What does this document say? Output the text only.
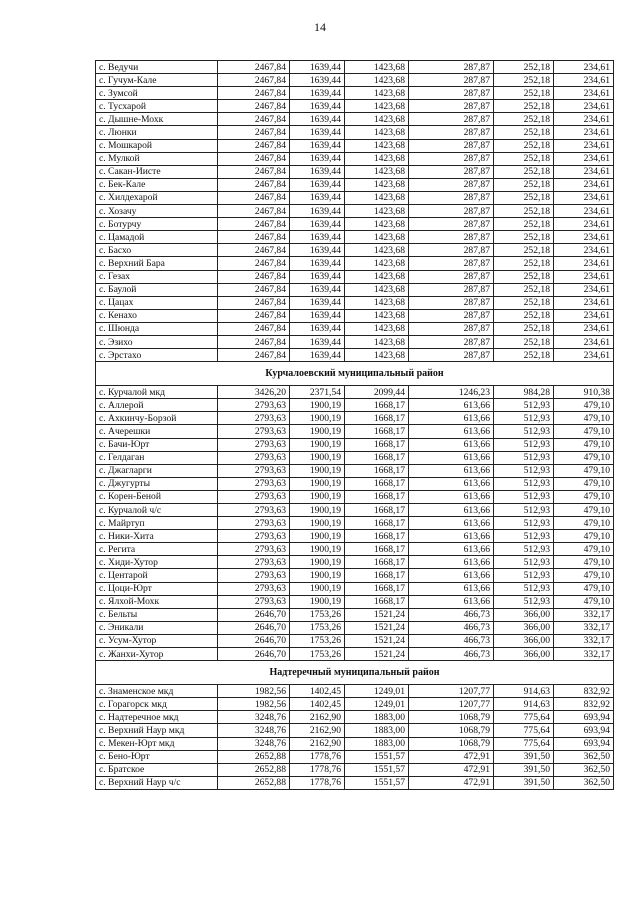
14
с. Ведучи	2467,84	1639,44	1423,68	287,87	252,18	234,61
с. Гучум-Кале	2467,84	1639,44	1423,68	287,87	252,18	234,61
с. Зумсой	2467,84	1639,44	1423,68	287,87	252,18	234,61
с. Тусхарой	2467,84	1639,44	1423,68	287,87	252,18	234,61
с. Дышне-Мохк	2467,84	1639,44	1423,68	287,87	252,18	234,61
с. Люнки	2467,84	1639,44	1423,68	287,87	252,18	234,61
с. Мошкарой	2467,84	1639,44	1423,68	287,87	252,18	234,61
с. Мулкой	2467,84	1639,44	1423,68	287,87	252,18	234,61
с. Сакан-Иисте	2467,84	1639,44	1423,68	287,87	252,18	234,61
с. Бек-Кале	2467,84	1639,44	1423,68	287,87	252,18	234,61
с. Хилдехарой	2467,84	1639,44	1423,68	287,87	252,18	234,61
с. Хозачу	2467,84	1639,44	1423,68	287,87	252,18	234,61
с. Ботурчу	2467,84	1639,44	1423,68	287,87	252,18	234,61
с. Цамадой	2467,84	1639,44	1423,68	287,87	252,18	234,61
с. Басхо	2467,84	1639,44	1423,68	287,87	252,18	234,61
с. Верхний Бара	2467,84	1639,44	1423,68	287,87	252,18	234,61
с. Гезах	2467,84	1639,44	1423,68	287,87	252,18	234,61
с. Баулой	2467,84	1639,44	1423,68	287,87	252,18	234,61
с. Цацах	2467,84	1639,44	1423,68	287,87	252,18	234,61
с. Кенахо	2467,84	1639,44	1423,68	287,87	252,18	234,61
с. Шюнда	2467,84	1639,44	1423,68	287,87	252,18	234,61
с. Эзихо	2467,84	1639,44	1423,68	287,87	252,18	234,61
с. Эрстахо	2467,84	1639,44	1423,68	287,87	252,18	234,61
Курчалоевский муниципальный район						
с. Курчалой мкд	3426,20	2371,54	2099,44	1246,23	984,28	910,38
с. Аллерой	2793,63	1900,19	1668,17	613,66	512,93	479,10
с. Ахкинчу-Борзой	2793,63	1900,19	1668,17	613,66	512,93	479,10
с. Ачерешки	2793,63	1900,19	1668,17	613,66	512,93	479,10
с. Бачи-Юрт	2793,63	1900,19	1668,17	613,66	512,93	479,10
с. Гелдаган	2793,63	1900,19	1668,17	613,66	512,93	479,10
с. Джагларги	2793,63	1900,19	1668,17	613,66	512,93	479,10
с. Джугурты	2793,63	1900,19	1668,17	613,66	512,93	479,10
с. Корен-Беной	2793,63	1900,19	1668,17	613,66	512,93	479,10
с. Курчалой ч/с	2793,63	1900,19	1668,17	613,66	512,93	479,10
с. Майртуп	2793,63	1900,19	1668,17	613,66	512,93	479,10
с. Ники-Хита	2793,63	1900,19	1668,17	613,66	512,93	479,10
с. Регита	2793,63	1900,19	1668,17	613,66	512,93	479,10
с. Хиди-Хутор	2793,63	1900,19	1668,17	613,66	512,93	479,10
с. Центарой	2793,63	1900,19	1668,17	613,66	512,93	479,10
с. Цоци-Юрт	2793,63	1900,19	1668,17	613,66	512,93	479,10
с. Ялхой-Мохк	2793,63	1900,19	1668,17	613,66	512,93	479,10
с. Бельты	2646,70	1753,26	1521,24	466,73	366,00	332,17
с. Эникали	2646,70	1753,26	1521,24	466,73	366,00	332,17
с. Усум-Хутор	2646,70	1753,26	1521,24	466,73	366,00	332,17
с. Жанхи-Хутор	2646,70	1753,26	1521,24	466,73	366,00	332,17
Надтеречный муниципальный район						
с. Знаменское мкд	1982,56	1402,45	1249,01	1207,77	914,63	832,92
с. Горагорск мкд	1982,56	1402,45	1249,01	1207,77	914,63	832,92
с. Надтеречное мкд	3248,76	2162,90	1883,00	1068,79	775,64	693,94
с. Верхний Наур мкд	3248,76	2162,90	1883,00	1068,79	775,64	693,94
с. Мекен-Юрт мкд	3248,76	2162,90	1883,00	1068,79	775,64	693,94
с. Бено-Юрт	2652,88	1778,76	1551,57	472,91	391,50	362,50
с. Братское	2652,88	1778,76	1551,57	472,91	391,50	362,50
с. Верхний Наур ч/с	2652,88	1778,76	1551,57	472,91	391,50	362,50
